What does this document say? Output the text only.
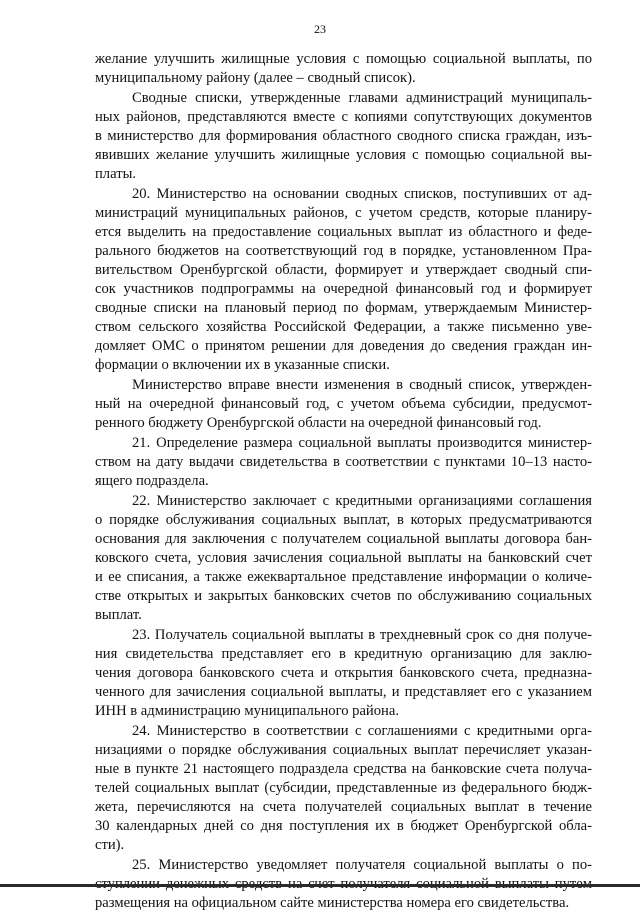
23
желание улучшить жилищные условия с помощью социальной выплаты, по
муниципальному району (далее – сводный список).
Сводные списки, утвержденные главами администраций муниципаль-
ных районов, представляются вместе с копиями сопутствующих документов
в министерство для формирования областного сводного списка граждан, изъ-
явивших желание улучшить жилищные условия с помощью социальной вы-
платы.
20. Министерство на основании сводных списков, поступивших от ад-
министраций муниципальных районов, с учетом средств, которые планиру-
ется выделить на предоставление социальных выплат из областного и феде-
рального бюджетов на соответствующий год в порядке, установленном Пра-
вительством Оренбургской области, формирует и утверждает сводный спи-
сок участников подпрограммы на очередной финансовый год и формирует
сводные списки на плановый период по формам, утверждаемым Министер-
ством сельского хозяйства Российской Федерации, а также письменно уве-
домляет ОМС о принятом решении для доведения до сведения граждан ин-
формации о включении их в указанные списки.
Министерство вправе внести изменения в сводный список, утвержден-
ный на очередной финансовый год, с учетом объема субсидии, предусмот-
ренного бюджету Оренбургской области на очередной финансовый год.
21. Определение размера социальной выплаты производится министер-
ством на дату выдачи свидетельства в соответствии с пунктами 10–13 насто-
ящего подраздела.
22. Министерство заключает с кредитными организациями соглашения
о порядке обслуживания социальных выплат, в которых предусматриваются
основания для заключения с получателем социальной выплаты договора бан-
ковского счета, условия зачисления социальной выплаты на банковский счет
и ее списания, а также ежеквартальное представление информации о количе-
стве открытых и закрытых банковских счетов по обслуживанию социальных
выплат.
23. Получатель социальной выплаты в трехдневный срок со дня получе-
ния свидетельства представляет его в кредитную организацию для заклю-
чения договора банковского счета и открытия банковского счета, предназна-
ченного для зачисления социальной выплаты, и представляет его с указанием
ИНН в администрацию муниципального района.
24. Министерство в соответствии с соглашениями с кредитными орга-
низациями о порядке обслуживания социальных выплат перечисляет указан-
ные в пункте 21 настоящего подраздела средства на банковские счета получа-
телей социальных выплат (субсидии, представленные из федерального бюдж-
жета, перечисляются на счета получателей социальных выплат в течение
30 календарных дней со дня поступления их в бюджет Оренбургской обла-
сти).
25. Министерство уведомляет получателя социальной выплаты о по-
размещения на официальном сайте министерства номера его свидетельства.
